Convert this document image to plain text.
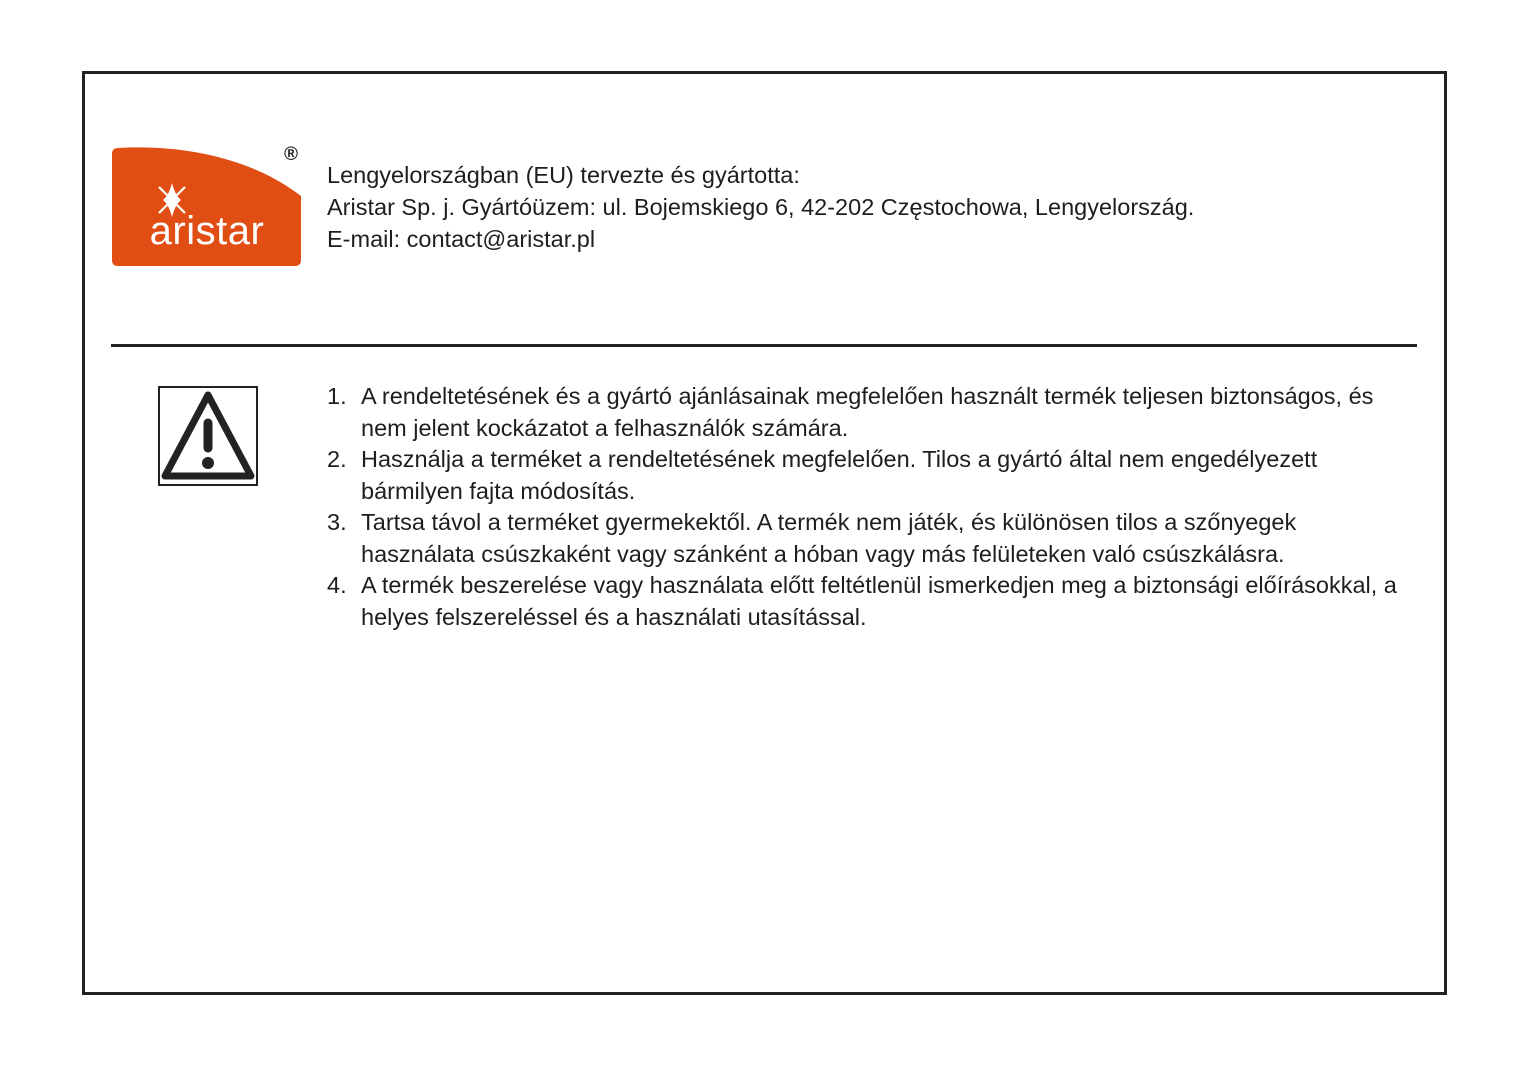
aristar
®
Lengyelországban (EU) tervezte és gyártotta:
Aristar Sp. j. Gyártóüzem: ul. Bojemskiego 6, 42-202 Częstochowa, Lengyelország.
E-mail: contact@aristar.pl
1. A rendeltetésének és a gyártó ajánlásainak megfelelően használt termék teljesen biztonságos, és nem jelent kockázatot a felhasználók számára.
2. Használja a terméket a rendeltetésének megfelelően. Tilos a gyártó által nem engedélyezett bármilyen fajta módosítás.
3. Tartsa távol a terméket gyermekektől. A termék nem játék, és különösen tilos a szőnyegek használata csúszkaként vagy szánként a hóban vagy más felületeken való csúszkálásra.
4. A termék beszerelése vagy használata előtt feltétlenül ismerkedjen meg a biztonsági előírásokkal, a helyes felszereléssel és a használati utasítással.
